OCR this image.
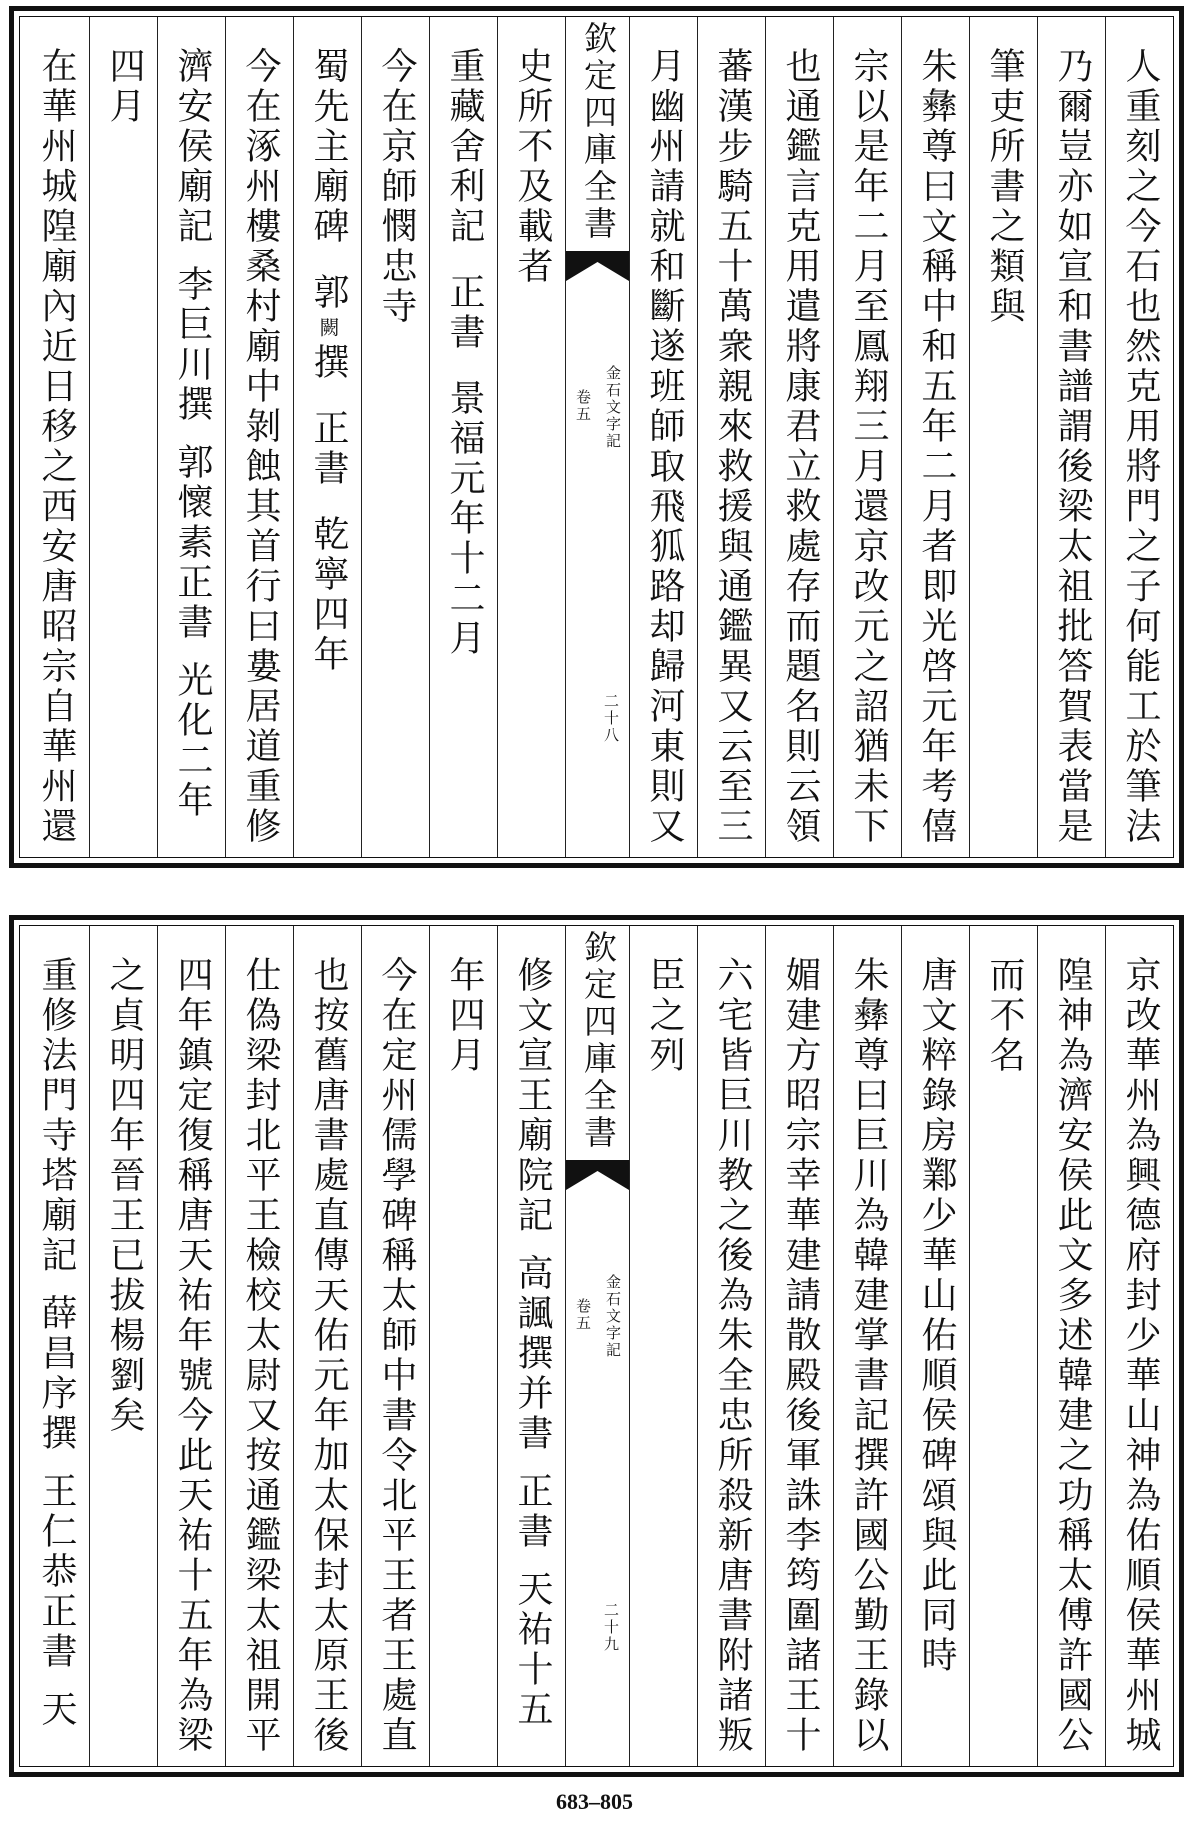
人重刻之今石也然克用將門之子何能工於筆法
乃爾豈亦如宣和書譜謂後梁太祖批答賀表當是
筆吏所書之類與
朱彝尊曰文稱中和五年二月者即光啓元年考僖
宗以是年二月至鳳翔三月還京改元之詔猶未下
也通鑑言克用遣將康君立救處存而題名則云領
蕃漢步騎五十萬衆親來救援與通鑑異又云至三
月幽州請就和斷遂班師取飛狐路却歸河東則又
欽定四庫全書
金石文字記
卷五
二十八
史所不及載者
重藏舍利記正書景福元年十二月
今在京師憫忠寺
蜀先主廟碑郭闕撰正書乾寧四年
今在涿州樓桑村廟中剝蝕其首行曰婁居道重修
濟安侯廟記李巨川撰郭懷素正書光化二年
四月
在華州城隍廟內近日移之西安唐昭宗自華州還
京改華州為興德府封少華山神為佑順侯華州城
隍神為濟安侯此文多述韓建之功稱太傅許國公
而不名
唐文粹錄房鄴少華山佑順侯碑頌與此同時
朱彝尊曰巨川為韓建掌書記撰許國公勤王錄以
媚建方昭宗幸華建請散殿後軍誅李筠圍諸王十
六宅皆巨川教之後為朱全忠所殺新唐書附諸叛
臣之列
欽定四庫全書
金石文字記
卷五
二十九
修文宣王廟院記高諷撰并書正書天祐十五
年四月
今在定州儒學碑稱太師中書令北平王者王處直
也按舊唐書處直傳天佑元年加太保封太原王後
仕偽梁封北平王檢校太尉又按通鑑梁太祖開平
四年鎮定復稱唐天祐年號今此天祐十五年為梁
之貞明四年晉王已拔楊劉矣
重修法門寺塔廟記薛昌序撰王仁恭正書天
683–805
